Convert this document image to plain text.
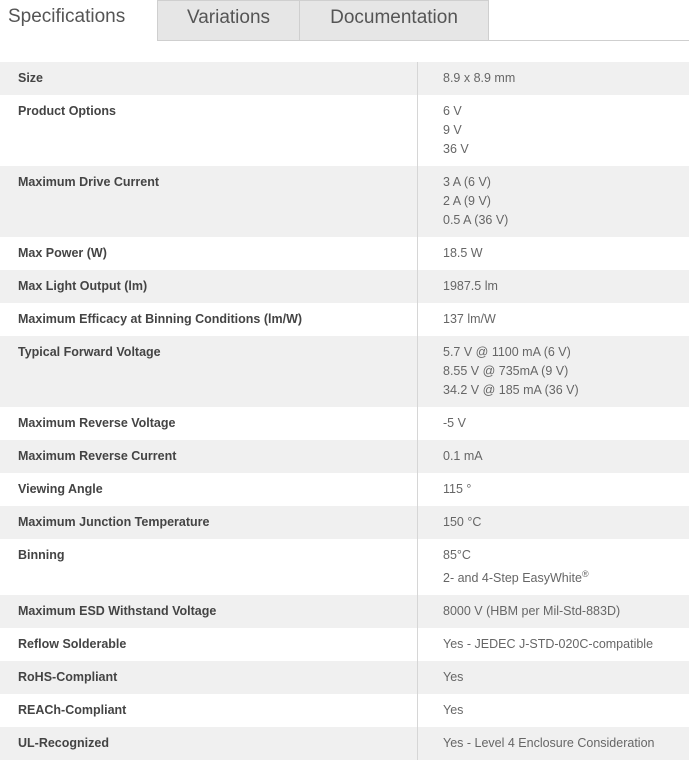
Specifications	Variations	Documentation
Size	8.9 x 8.9 mm

Product Options	6 V
9 V
36 V

Maximum Drive Current	3 A (6 V)
2 A (9 V)
0.5 A (36 V)

Max Power (W)	18.5 W

Max Light Output (lm)	1987.5 lm

Maximum Efficacy at Binning Conditions (lm/W)	137 lm/W

Typical Forward Voltage	5.7 V @ 1100 mA (6 V)
8.55 V @ 735mA (9 V)
34.2 V @ 185 mA (36 V)

Maximum Reverse Voltage	-5 V

Maximum Reverse Current	0.1 mA

Viewing Angle	115 °

Maximum Junction Temperature	150 °C

Binning	85°C
2- and 4-Step EasyWhite®

Maximum ESD Withstand Voltage	8000 V (HBM per Mil-Std-883D)

Reflow Solderable	Yes - JEDEC J-STD-020C-compatible

RoHS-Compliant	Yes

REACh-Compliant	Yes

UL-Recognized	Yes - Level 4 Enclosure Consideration
